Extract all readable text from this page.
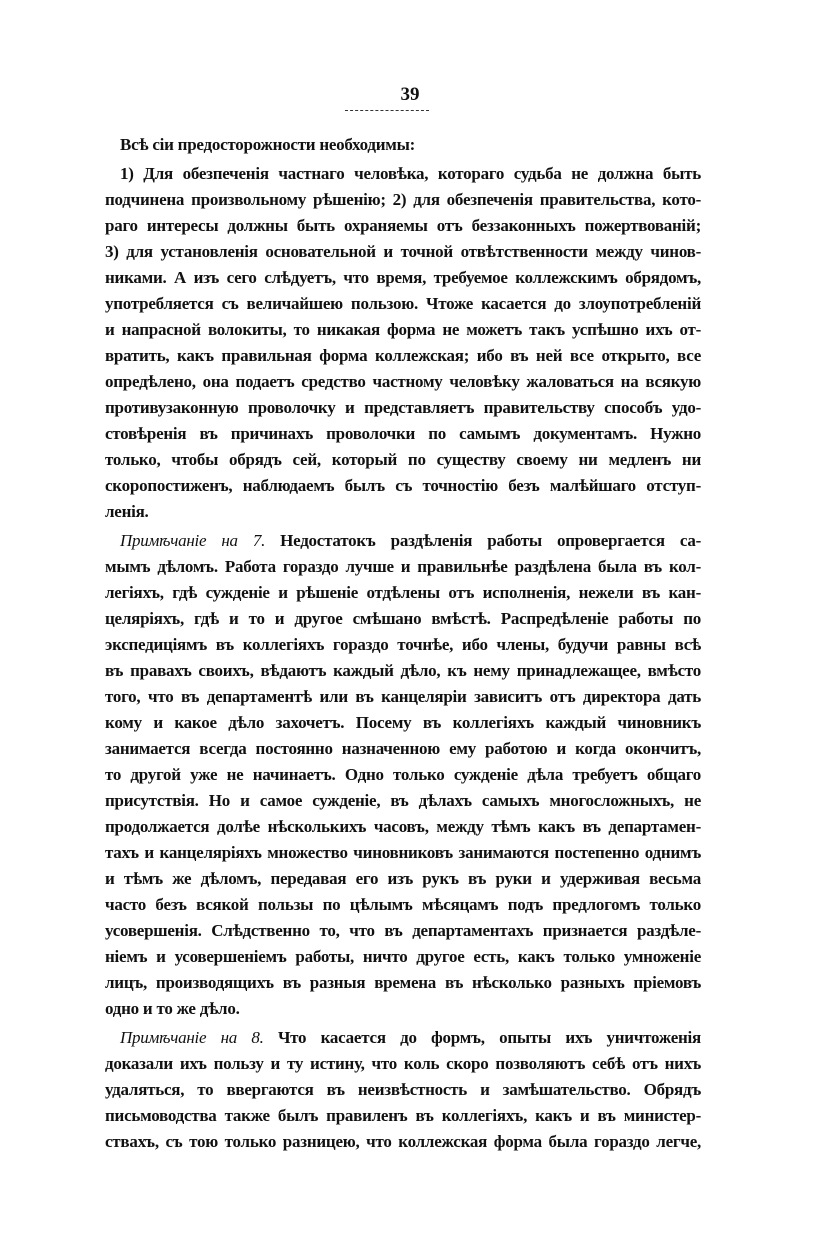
39
Всѣ сіи предосторожности необходимы:
1) Для обезпеченія частнаго человѣка, котораго судьба не должна быть
подчинена произвольному рѣшенію; 2) для обезпеченія правительства, кото-
раго интересы должны быть охраняемы отъ беззаконныхъ пожертвованій;
3) для установленія основательной и точной отвѣтственности между чинов-
никами. А изъ сего слѣдуетъ, что время, требуемое коллежскимъ обрядомъ,
употребляется съ величайшею пользою. Чтоже касается до злоупотребленій
и напрасной волокиты, то никакая форма не можетъ такъ успѣшно ихъ от-
вратить, какъ правильная форма коллежская; ибо въ ней все открыто, все
опредѣлено, она подаетъ средство частному человѣку жаловаться на всякую
противузаконную проволочку и представляетъ правительству способъ удо-
стовѣренія въ причинахъ проволочки по самымъ документамъ. Нужно
только, чтобы обрядъ сей, который по существу своему ни медленъ ни
скоропостиженъ, наблюдаемъ былъ съ точностію безъ малѣйшаго отступ-
ленія.
Примѣчаніе на 7. Недостатокъ раздѣленія работы опровергается са-
мымъ дѣломъ. Работа гораздо лучше и правильнѣе раздѣлена была въ кол-
легіяхъ, гдѣ сужденіе и рѣшеніе отдѣлены отъ исполненія, нежели въ кан-
целяріяхъ, гдѣ и то и другое смѣшано вмѣстѣ. Распредѣленіе работы по
экспедиціямъ въ коллегіяхъ гораздо точнѣе, ибо члены, будучи равны всѣ
въ правахъ своихъ, вѣдаютъ каждый дѣло, къ нему принадлежащее, вмѣсто
того, что въ департаментѣ или въ канцеляріи зависитъ отъ директора дать
кому и какое дѣло захочетъ. Посему въ коллегіяхъ каждый чиновникъ
занимается всегда постоянно назначенною ему работою и когда окончитъ,
то другой уже не начинаетъ. Одно только сужденіе дѣла требуетъ общаго
присутствія. Но и самое сужденіе, въ дѣлахъ самыхъ многосложныхъ, не
продолжается долѣе нѣсколькихъ часовъ, между тѣмъ какъ въ департамен-
тахъ и канцеляріяхъ множество чиновниковъ занимаются постепенно однимъ
и тѣмъ же дѣломъ, передавая его изъ рукъ въ руки и удерживая весьма
часто безъ всякой пользы по цѣлымъ мѣсяцамъ подъ предлогомъ только
усовершенія. Слѣдственно то, что въ департаментахъ признается раздѣле-
ніемъ и усовершеніемъ работы, ничто другое есть, какъ только умноженіе
лицъ, производящихъ въ разныя времена въ нѣсколько разныхъ пріемовъ
одно и то же дѣло.
Примѣчаніе на 8. Что касается до формъ, опыты ихъ уничтоженія
доказали ихъ пользу и ту истину, что коль скоро позволяютъ себѣ отъ нихъ
удаляться, то ввергаются въ неизвѣстность и замѣшательство. Обрядъ
письмоводства также былъ правиленъ въ коллегіяхъ, какъ и въ министер-
ствахъ, съ тою только разницею, что коллежская форма была гораздо легче,
